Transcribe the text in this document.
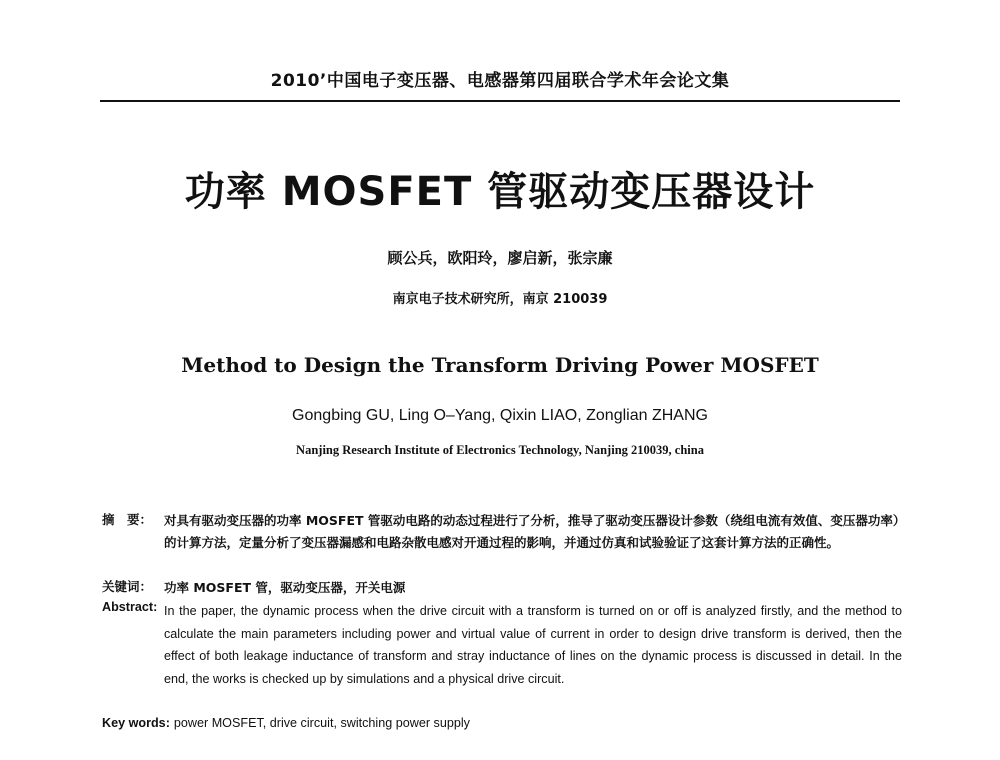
2010’中国电子变压器、电感器第四届联合学术年会论文集
功率 MOSFET 管驱动变压器设计
顾公兵，欧阳玲，廖启新，张宗廉
南京电子技术研究所，南京 210039
Method to Design the Transform Driving Power MOSFET
Gongbing GU, Ling O–Yang, Qixin LIAO, Zonglian ZHANG
Nanjing Research Institute of Electronics Technology, Nanjing 210039, china
摘　要： 对具有驱动变压器的功率 MOSFET 管驱动电路的动态过程进行了分析，推导了驱动变压器设计参数（绕组电流有效值、变压器功率）的计算方法，定量分析了变压器漏感和电路杂散电感对开通过程的影响，并通过仿真和试验验证了这套计算方法的正确性。
关键词： 功率 MOSFET 管，驱动变压器，开关电源
Abstract: In the paper, the dynamic process when the drive circuit with a transform is turned on or off is analyzed firstly, and the method to calculate the main parameters including power and virtual value of current in order to design drive transform is derived, then the effect of both leakage inductance of transform and stray inductance of lines on the dynamic process is discussed in detail. In the end, the works is checked up by simulations and a physical drive circuit.
Key words: power MOSFET, drive circuit, switching power supply
